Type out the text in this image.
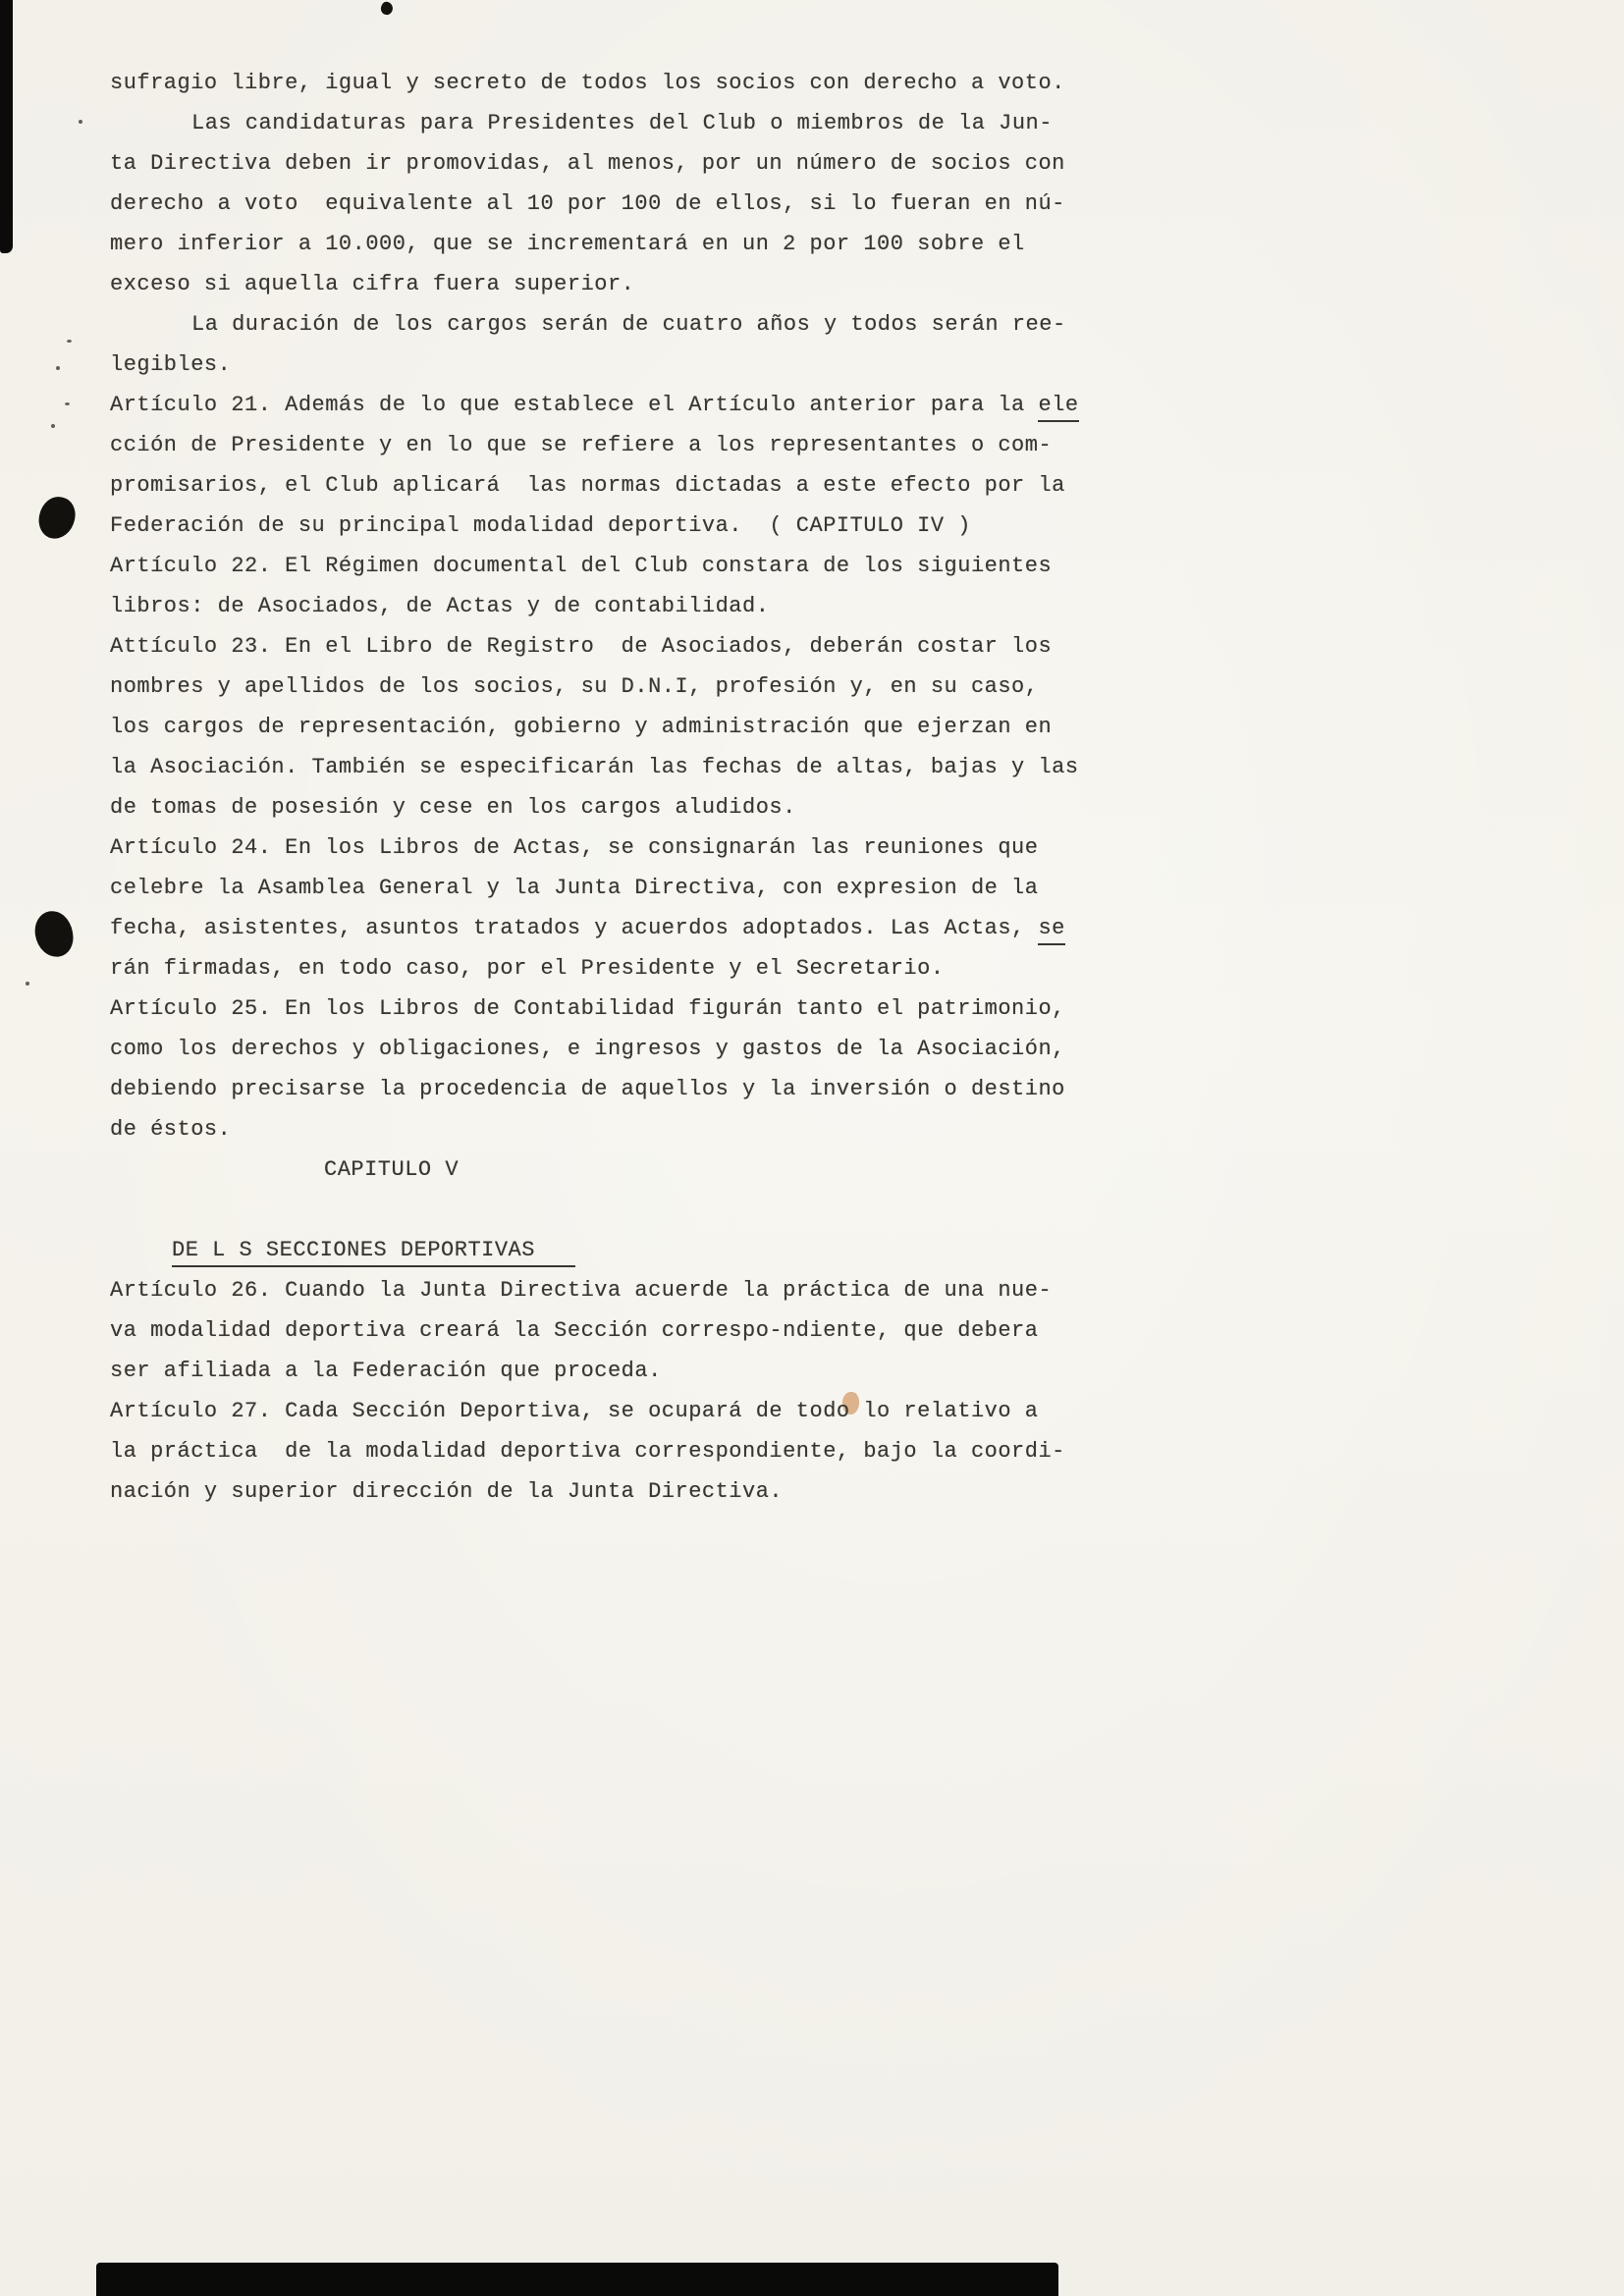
sufragio libre, igual y secreto de todos los socios con derecho a voto.
Las candidaturas para Presidentes del Club o miembros de la Jun-
ta Directiva deben ir promovidas, al menos, por un número de socios con
derecho a voto  equivalente al 10 por 100 de ellos, si lo fueran en nú-
mero inferior a 10.000, que se incrementará en un 2 por 100 sobre el
exceso si aquella cifra fuera superior.
La duración de los cargos serán de cuatro años y todos serán ree-
legibles.
Artículo 21. Además de lo que establece el Artículo anterior para la ele
cción de Presidente y en lo que se refiere a los representantes o com-
promisarios, el Club aplicará  las normas dictadas a este efecto por la
Federación de su principal modalidad deportiva.  ( CAPITULO IV )
Artículo 22. El Régimen documental del Club constara de los siguientes
libros: de Asociados, de Actas y de contabilidad.
Attículo 23. En el Libro de Registro  de Asociados, deberán costar los
nombres y apellidos de los socios, su D.N.I, profesión y, en su caso,
los cargos de representación, gobierno y administración que ejerzan en
la Asociación. También se especificarán las fechas de altas, bajas y las
de tomas de posesión y cese en los cargos aludidos.
Artículo 24. En los Libros de Actas, se consignarán las reuniones que
celebre la Asamblea General y la Junta Directiva, con expresion de la
fecha, asistentes, asuntos tratados y acuerdos adoptados. Las Actas, se
rán firmadas, en todo caso, por el Presidente y el Secretario.
Artículo 25. En los Libros de Contabilidad figurán tanto el patrimonio,
como los derechos y obligaciones, e ingresos y gastos de la Asociación,
debiendo precisarse la procedencia de aquellos y la inversión o destino
de éstos.
CAPITULO V

DE L S SECCIONES DEPORTIVAS
Artículo 26. Cuando la Junta Directiva acuerde la práctica de una nue-
va modalidad deportiva creará la Sección correspo-ndiente, que debera
ser afiliada a la Federación que proceda.
Artículo 27. Cada Sección Deportiva, se ocupará de todo lo relativo a
la práctica  de la modalidad deportiva correspondiente, bajo la coordi-
nación y superior dirección de la Junta Directiva.
